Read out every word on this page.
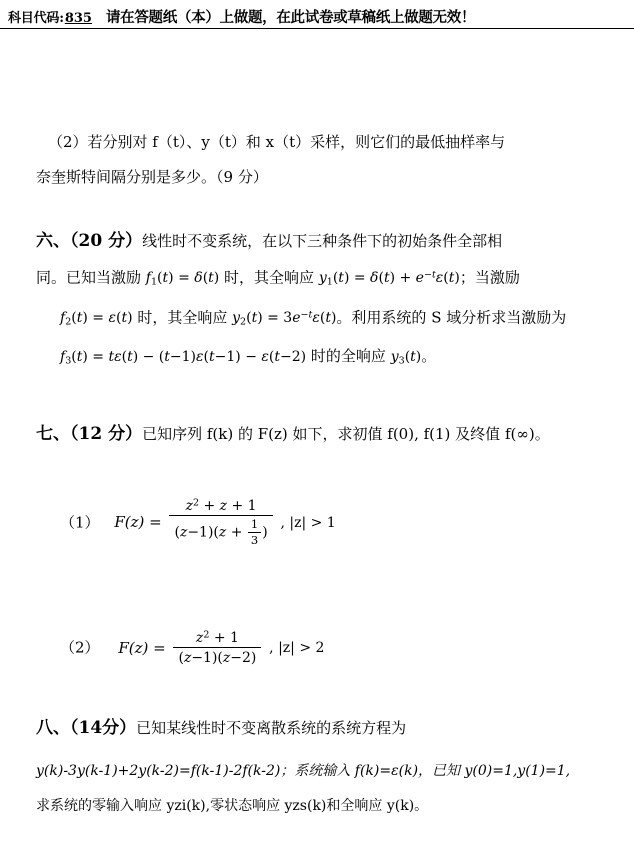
科目代码: 835 请在答题纸（本）上做题，在此试卷或草稿纸上做题无效！
（2）若分别对 f（t）、y（t）和 x（t）采样，则它们的最低抽样率与
奈奎斯特间隔分别是多少。（9 分）
六、（20 分）线性时不变系统，在以下三种条件下的初始条件全部相
同。已知当激励 $f_1(t) = \delta(t)$ 时，其全响应 $y_1(t) = \delta(t) + e^{-t}\varepsilon(t)$；当激励
$f_2(t) = \varepsilon(t)$ 时，其全响应 $y_2(t) = 3e^{-t}\varepsilon(t)$。利用系统的 S 域分析求当激励为
$f_3(t) = t\varepsilon(t) - (t-1)\varepsilon(t-1) - \varepsilon(t-2)$ 时的全响应 $y_3(t)$。
七、（12 分）已知序列 f(k) 的 F(z) 如下，求初值 f(0), f(1) 及终值 f(∞)。
（1） $F(z) = \frac{z^2 + z + 1}{(z-1)(z + \frac{1}{3} )}$ , |z| > 1
（2） $F(z) = \frac{z^2 + 1}{(z-1)(z-2)}$ , |z| > 2
八、（14分）已知某线性时不变离散系统的系统方程为
y(k)-3y(k-1)+2y(k-2)=f(k-1)-2f(k-2)；系统输入 f(k)=ε(k)，已知 y(0)=1,y(1)=1,
求系统的零输入响应 yzi(k),零状态响应 yzs(k)和全响应 y(k)。
